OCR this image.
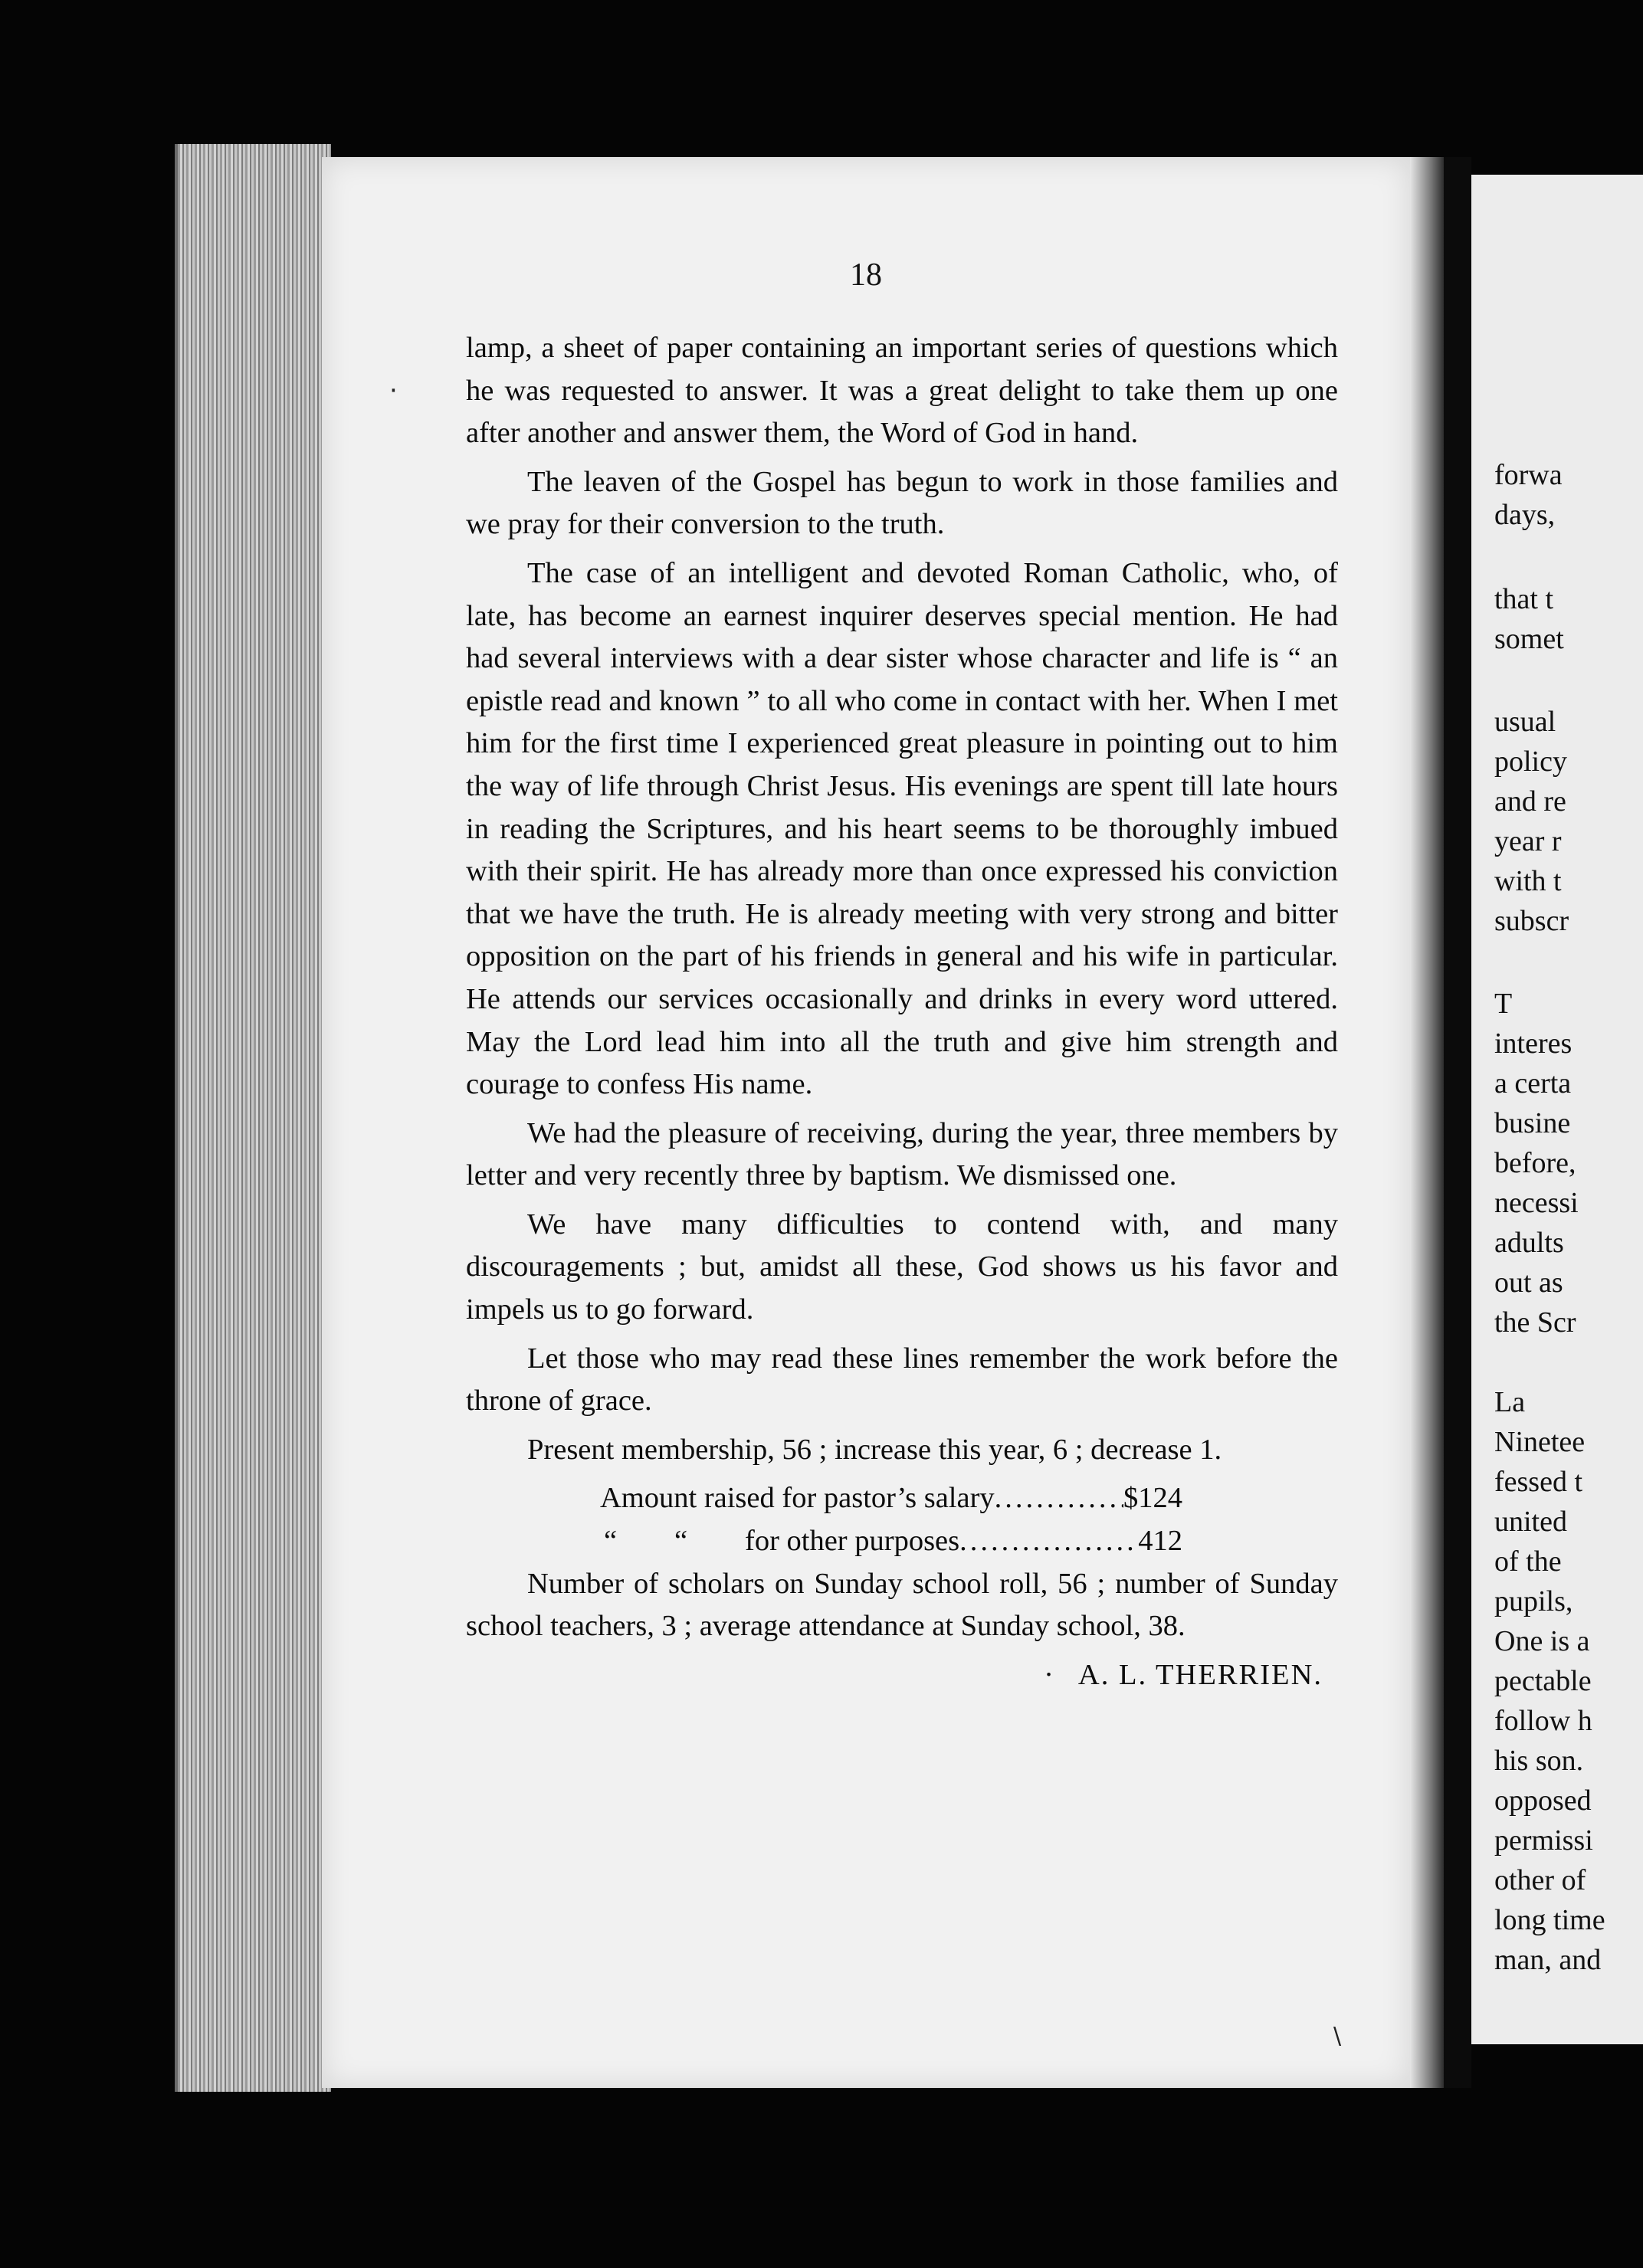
18

lamp, a sheet of paper containing an important series of questions which he was requested to answer. It was a great delight to take them up one after another and answer them, the Word of God in hand.

The leaven of the Gospel has begun to work in those families and we pray for their conversion to the truth.

The case of an intelligent and devoted Roman Catholic, who, of late, has become an earnest inquirer deserves special mention. He had had several interviews with a dear sister whose character and life is “ an epistle read and known ” to all who come in contact with her. When I met him for the first time I experienced great pleasure in pointing out to him the way of life through Christ Jesus. His evenings are spent till late hours in reading the Scriptures, and his heart seems to be thoroughly imbued with their spirit. He has already more than once expressed his conviction that we have the truth. He is already meeting with very strong and bitter opposition on the part of his friends in general and his wife in particular. He attends our services occasionally and drinks in every word uttered. May the Lord lead him into all the truth and give him strength and courage to confess His name.

We had the pleasure of receiving, during the year, three members by letter and very recently three by baptism. We dismissed one.

We have many difficulties to contend with, and many discouragements ; but, amidst all these, God shows us his favor and impels us to go forward.

Let those who may read these lines remember the work before the throne of grace.

Present membership, 56 ; increase this year, 6 ; decrease 1.

Amount raised for pastor’s salary .....	$124
“	“	for other purposes .....	412

Number of scholars on Sunday school roll, 56 ; number of Sunday school teachers, 3 ; average attendance at Sunday school, 38.

· A. L. THERRIEN.
forwa
days,
that t
somet
usual
policy
and re
year r
with t
subscr
T
interes
a certa
busine
before,
necessi
adults
out as
the Scr
La
Ninetee
fessed t
united
of the
pupils,
One is a
pectable
follow h
his son.
opposed
permissi
other of
long time
man, and
·
\
